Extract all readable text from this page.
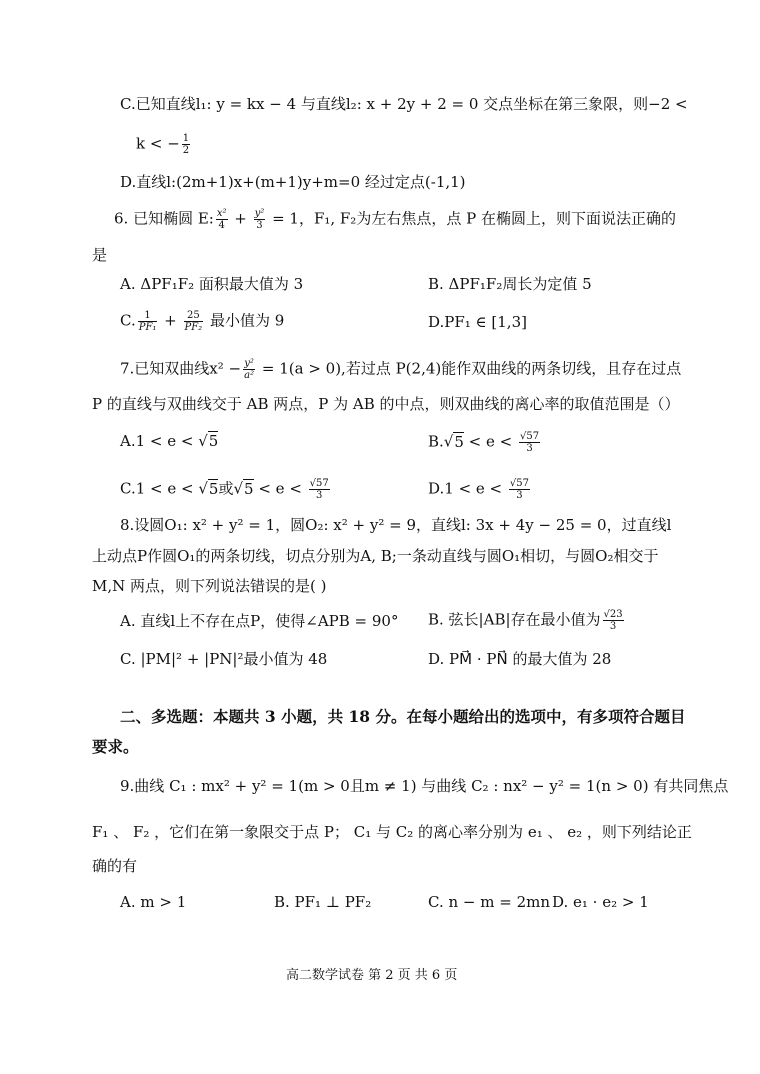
C.已知直线l₁: y = kx − 4 与直线l₂: x + 2y + 2 = 0 交点坐标在第三象限，则−2 <
k < − $\frac{1}{2}$
D.直线l:(2m+1)x+(m+1)y+m=0 经过定点(-1,1)
6. 已知椭圆 E: $\frac{\text{x²}}{4} + \frac{\text{y²}}{3} = 1$，F₁, F₂为左右焦点，点 P 在椭圆上，则下面说法正确的
是
A. ΔPF₁F₂ 面积最大值为 3	B. ΔPF₁F₂周长为定值 5
C. $\frac{1}{\text{PF₁}} + \frac{25}{\text{PF₂}}$ 最小值为 9	D.PF₁ ∈ [1,3]
7.已知双曲线$x^2 - \frac{\text{y²}}{\text{a²}} = 1(a > 0)$,若过点 P(2,4)能作双曲线的两条切线，且存在过点
P 的直线与双曲线交于 AB 两点，P 为 AB 的中点，则双曲线的离心率的取值范围是（）
A.1 < e < √5	$B.√5 < e < \frac{√57}{3}$
C.1 < e < √5或$√5 < e < \frac{√57}{3}$	$D.1 < e < \frac{√57}{3}$
8.设圆O₁: x² + y² = 1，圆O₂: x² + y² = 9，直线l: 3x + 4y − 25 = 0，过直线l
上动点P作圆O₁的两条切线，切点分别为A, B;一条动直线与圆O₁相切，与圆O₂相交于
M,N 两点，则下列说法错误的是( )
A. 直线l上不存在点P，使得∠APB = 90° B. 弦长|AB|存在最小值为 $\frac{√23}{3}$
C. |PM|² + |PN|²最小值为 48	D. PM⃗ · PN⃗ 的最大值为 28
二、多选题：本题共 3 小题，共 18 分。在每小题给出的选项中，有多项符合题目
要求。
9.曲线 C₁ : mx² + y² = 1(m > 0且m ≠ 1) 与曲线 C₂ : nx² − y² = 1(n > 0) 有共同焦点
F₁ 、 F₂ ，它们在第一象限交于点 P； C₁ 与 C₂ 的离心率分别为 e₁ 、 e₂ ，则下列结论正
确的有
A. m > 1	B. PF₁ ⊥ PF₂	C. n − m = 2mn D. e₁ · e₂ > 1
高二数学试卷 第 2 页 共 6 页
